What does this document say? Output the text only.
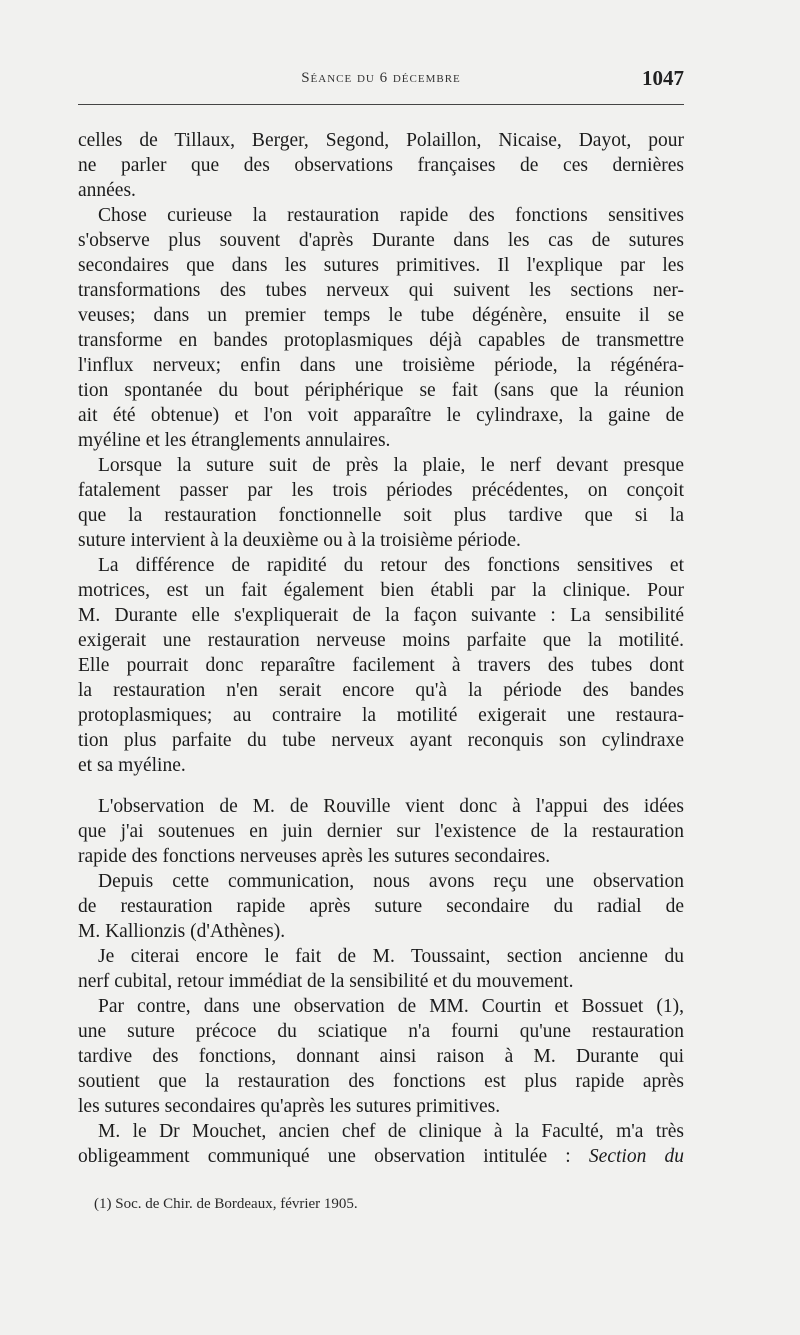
Séance du 6 décembre	1047
celles de Tillaux, Berger, Segond, Polaillon, Nicaise, Dayot, pour
ne parler que des observations françaises de ces dernières
années.
Chose curieuse la restauration rapide des fonctions sensitives
s'observe plus souvent d'après Durante dans les cas de sutures
secondaires que dans les sutures primitives. Il l'explique par les
transformations des tubes nerveux qui suivent les sections ner-
veuses; dans un premier temps le tube dégénère, ensuite il se
transforme en bandes protoplasmiques déjà capables de transmettre
l'influx nerveux; enfin dans une troisième période, la régénéra-
tion spontanée du bout périphérique se fait (sans que la réunion
ait été obtenue) et l'on voit apparaître le cylindraxe, la gaine de
myéline et les étranglements annulaires.
Lorsque la suture suit de près la plaie, le nerf devant presque
fatalement passer par les trois périodes précédentes, on conçoit
que la restauration fonctionnelle soit plus tardive que si la
suture intervient à la deuxième ou à la troisième période.
La différence de rapidité du retour des fonctions sensitives et
motrices, est un fait également bien établi par la clinique. Pour
M. Durante elle s'expliquerait de la façon suivante : La sensibilité
exigerait une restauration nerveuse moins parfaite que la motilité.
Elle pourrait donc reparaître facilement à travers des tubes dont
la restauration n'en serait encore qu'à la période des bandes
protoplasmiques; au contraire la motilité exigerait une restaura-
tion plus parfaite du tube nerveux ayant reconquis son cylindraxe
et sa myéline.
L'observation de M. de Rouville vient donc à l'appui des idées
que j'ai soutenues en juin dernier sur l'existence de la restauration
rapide des fonctions nerveuses après les sutures secondaires.
Depuis cette communication, nous avons reçu une observation
de restauration rapide après suture secondaire du radial de
M. Kallionzis (d'Athènes).
Je citerai encore le fait de M. Toussaint, section ancienne du
nerf cubital, retour immédiat de la sensibilité et du mouvement.
Par contre, dans une observation de MM. Courtin et Bossuet (1),
une suture précoce du sciatique n'a fourni qu'une restauration
tardive des fonctions, donnant ainsi raison à M. Durante qui
soutient que la restauration des fonctions est plus rapide après
les sutures secondaires qu'après les sutures primitives.
M. le Dr Mouchet, ancien chef de clinique à la Faculté, m'a très
obligeamment communiqué une observation intitulée : Section du
(1) Soc. de Chir. de Bordeaux, février 1905.
